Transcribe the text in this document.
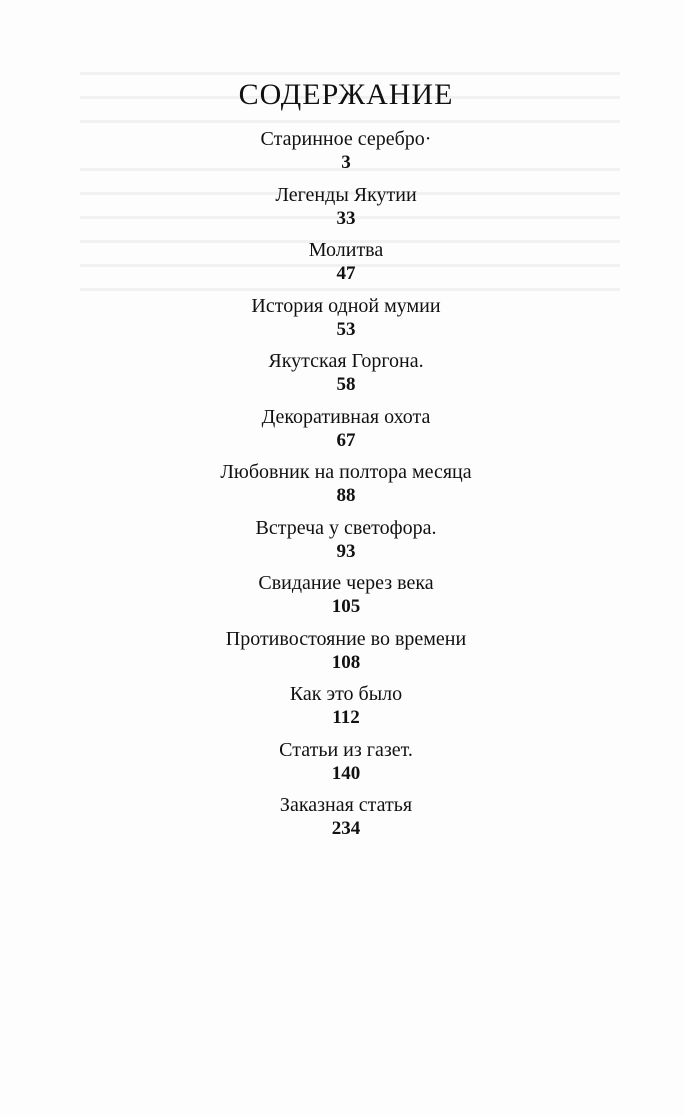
СОДЕРЖАНИЕ
Старинное серебро·
3
Легенды Якутии
33
Молитва
47
История одной мумии
53
Якутская Горгона.
58
Декоративная охота
67
Любовник на полтора месяца
88
Встреча у светофора.
93
Свидание через века
105
Противостояние во времени
108
Как это было
112
Статьи из газет.
140
Заказная статья
234
